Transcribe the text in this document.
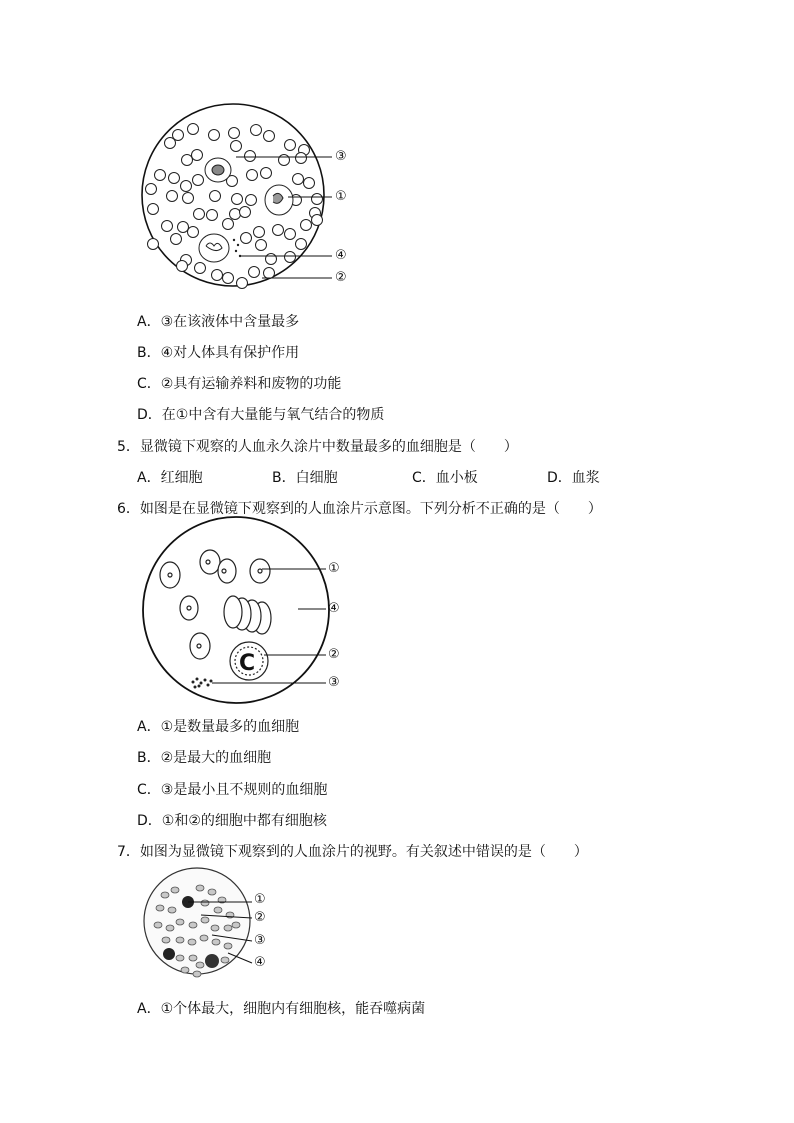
③
①
④
②
A．③在该液体中含量最多
B．④对人体具有保护作用
C．②具有运输养料和废物的功能
D．在①中含有大量能与氧气结合的物质
5．显微镜下观察的人血永久涂片中数量最多的血细胞是（　　）
A．红细胞	B．白细胞	C．血小板	D．血浆
6．如图是在显微镜下观察到的人血涂片示意图。下列分析不正确的是（　　）
C
①
④
②
③
A．①是数量最多的血细胞
B．②是最大的血细胞
C．③是最小且不规则的血细胞
D．①和②的细胞中都有细胞核
7．如图为显微镜下观察到的人血涂片的视野。有关叙述中错误的是（　　）
①
②
③
④
A．①个体最大，细胞内有细胞核，能吞噬病菌
